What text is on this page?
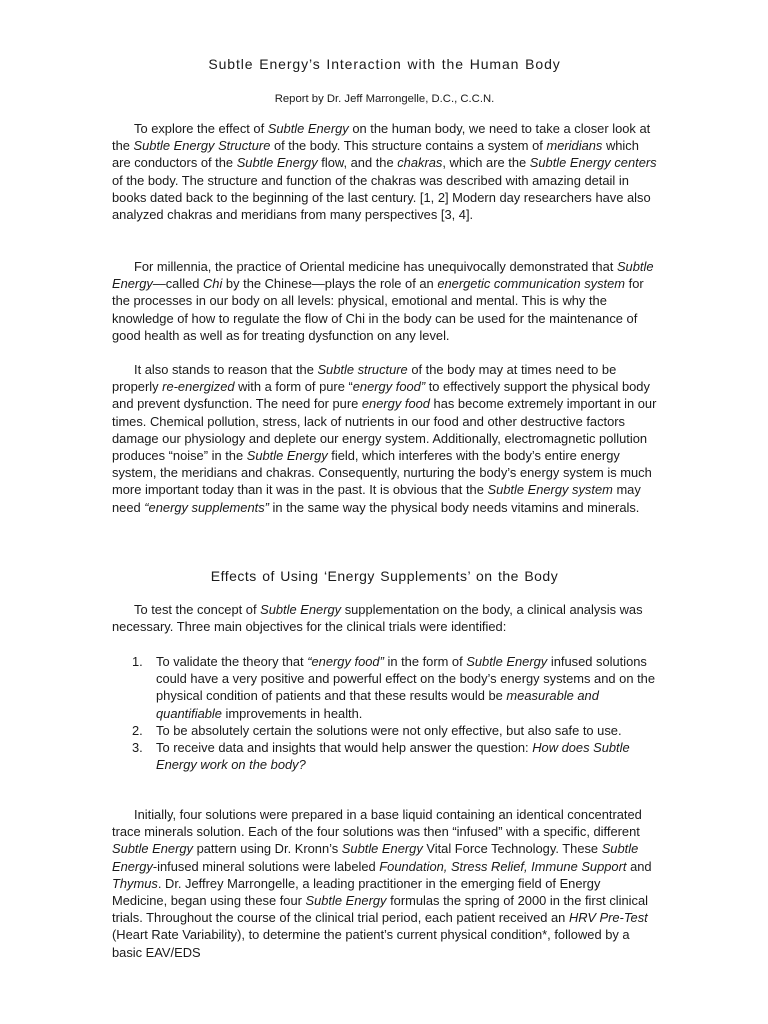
Subtle Energy’s Interaction with the Human Body
Report by Dr. Jeff Marrongelle, D.C., C.C.N.

To explore the effect of Subtle Energy on the human body, we need to take a closer look at the Subtle Energy Structure of the body. This structure contains a system of meridians which are conductors of the Subtle Energy flow, and the chakras, which are the Subtle Energy centers of the body. The structure and function of the chakras was described with amazing detail in books dated back to the beginning of the last century. [1, 2] Modern day researchers have also analyzed chakras and meridians from many perspectives [3, 4].

For millennia, the practice of Oriental medicine has unequivocally demonstrated that Subtle Energy—called Chi by the Chinese—plays the role of an energetic communication system for the processes in our body on all levels: physical, emotional and mental. This is why the knowledge of how to regulate the flow of Chi in the body can be used for the maintenance of good health as well as for treating dysfunction on any level.

It also stands to reason that the Subtle structure of the body may at times need to be properly re-energized with a form of pure “energy food” to effectively support the physical body and prevent dysfunction. The need for pure energy food has become extremely important in our times. Chemical pollution, stress, lack of nutrients in our food and other destructive factors damage our physiology and deplete our energy system. Additionally, electromagnetic pollution produces “noise” in the Subtle Energy field, which interferes with the body’s entire energy system, the meridians and chakras. Consequently, nurturing the body’s energy system is much more important today than it was in the past. It is obvious that the Subtle Energy system may need “energy supplements” in the same way the physical body needs vitamins and minerals.

Effects of Using ‘Energy Supplements’ on the Body

To test the concept of Subtle Energy supplementation on the body, a clinical analysis was necessary. Three main objectives for the clinical trials were identified:

1. To validate the theory that “energy food” in the form of Subtle Energy infused solutions could have a very positive and powerful effect on the body’s energy systems and on the physical condition of patients and that these results would be measurable and quantifiable improvements in health.
2. To be absolutely certain the solutions were not only effective, but also safe to use.
3. To receive data and insights that would help answer the question: How does Subtle Energy work on the body?

Initially, four solutions were prepared in a base liquid containing an identical concentrated trace minerals solution. Each of the four solutions was then “infused” with a specific, different Subtle Energy pattern using Dr. Kronn’s Subtle Energy Vital Force Technology. These Subtle Energy-infused mineral solutions were labeled Foundation, Stress Relief, Immune Support and Thymus. Dr. Jeffrey Marrongelle, a leading practitioner in the emerging field of Energy Medicine, began using these four Subtle Energy formulas the spring of 2000 in the first clinical trials. Throughout the course of the clinical trial period, each patient received an HRV Pre-Test (Heart Rate Variability), to determine the patient’s current physical condition*, followed by a basic EAV/EDS
